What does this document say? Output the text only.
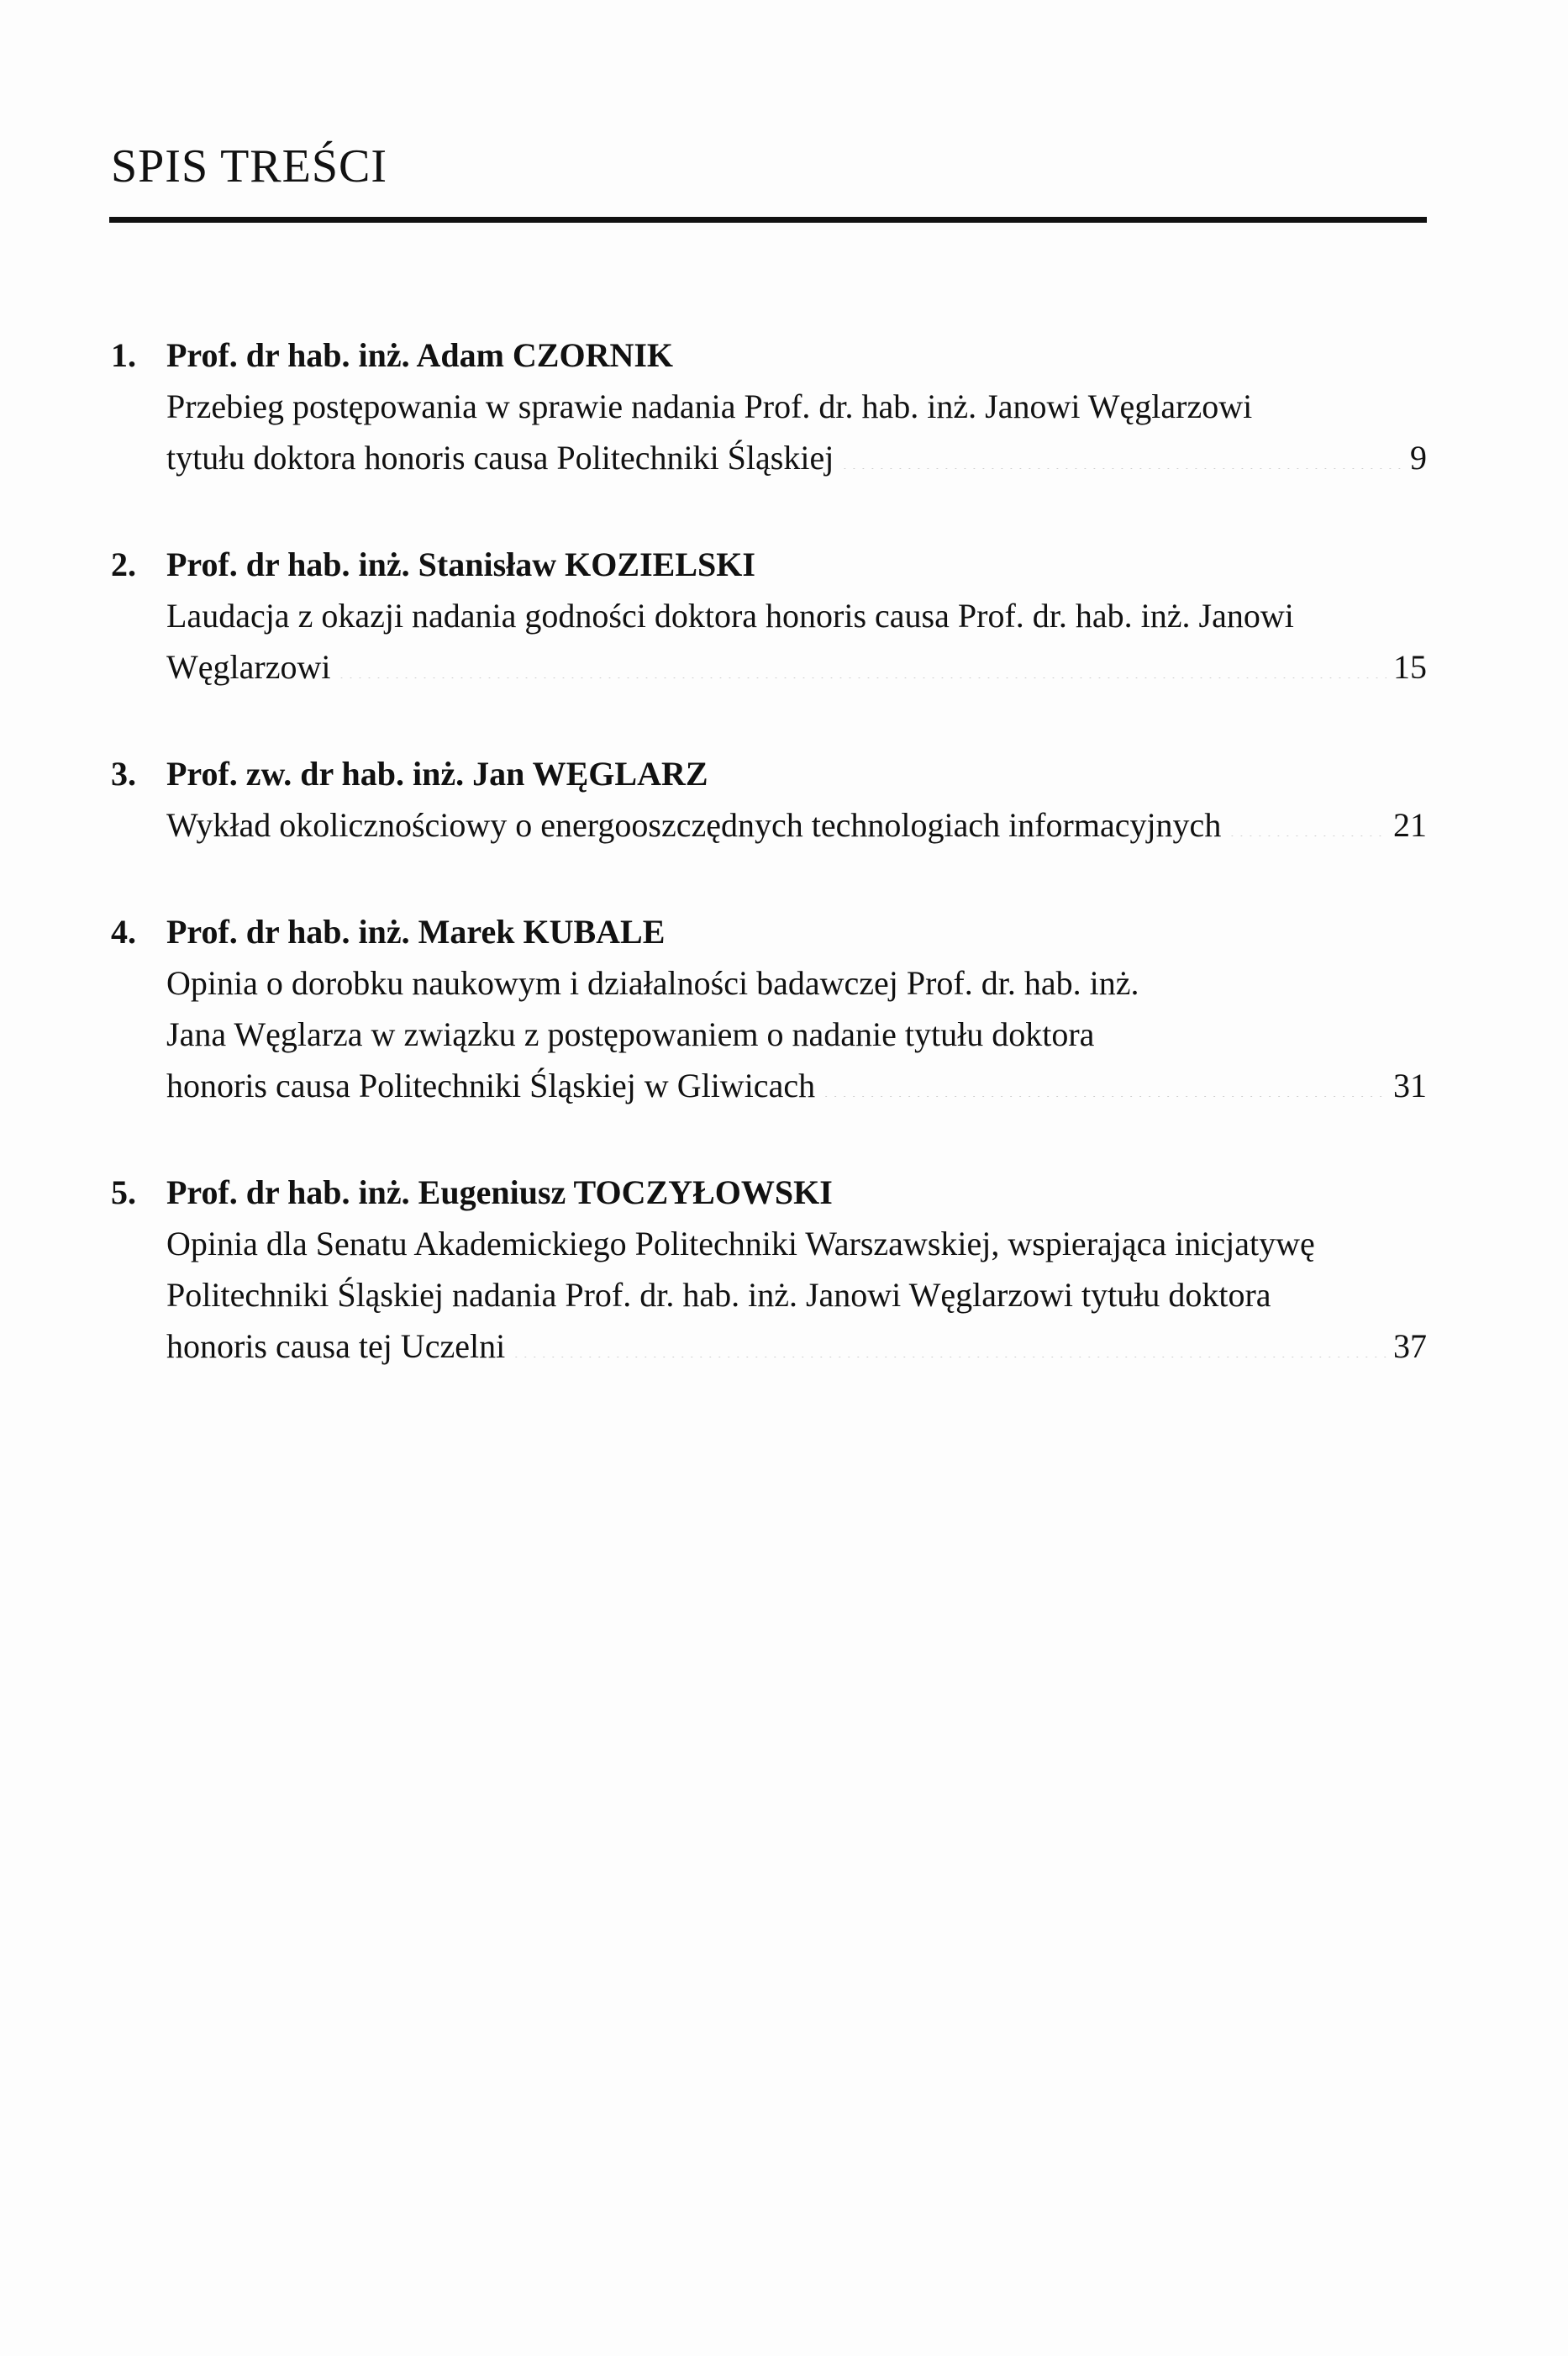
SPIS TREŚCI
1. Prof. dr hab. inż. Adam CZORNIK
Przebieg postępowania w sprawie nadania Prof. dr. hab. inż. Janowi Węglarzowi
tytułu doktora honoris causa Politechniki Śląskiej .....	9
2. Prof. dr hab. inż. Stanisław KOZIELSKI
Laudacja z okazji nadania godności doktora honoris causa Prof. dr. hab. inż. Janowi
Węglarzowi .....	15
3. Prof. zw. dr hab. inż. Jan WĘGLARZ
Wykład okolicznościowy o energooszczędnych technologiach informacyjnych .....	21
4. Prof. dr hab. inż. Marek KUBALE
Opinia o dorobku naukowym i działalności badawczej Prof. dr. hab. inż.
Jana Węglarza w związku z postępowaniem o nadanie tytułu doktora
honoris causa Politechniki Śląskiej w Gliwicach .....	31
5. Prof. dr hab. inż. Eugeniusz TOCZYŁOWSKI
Opinia dla Senatu Akademickiego Politechniki Warszawskiej, wspierająca inicjatywę
Politechniki Śląskiej nadania Prof. dr. hab. inż. Janowi Węglarzowi tytułu doktora
honoris causa tej Uczelni .....	37
